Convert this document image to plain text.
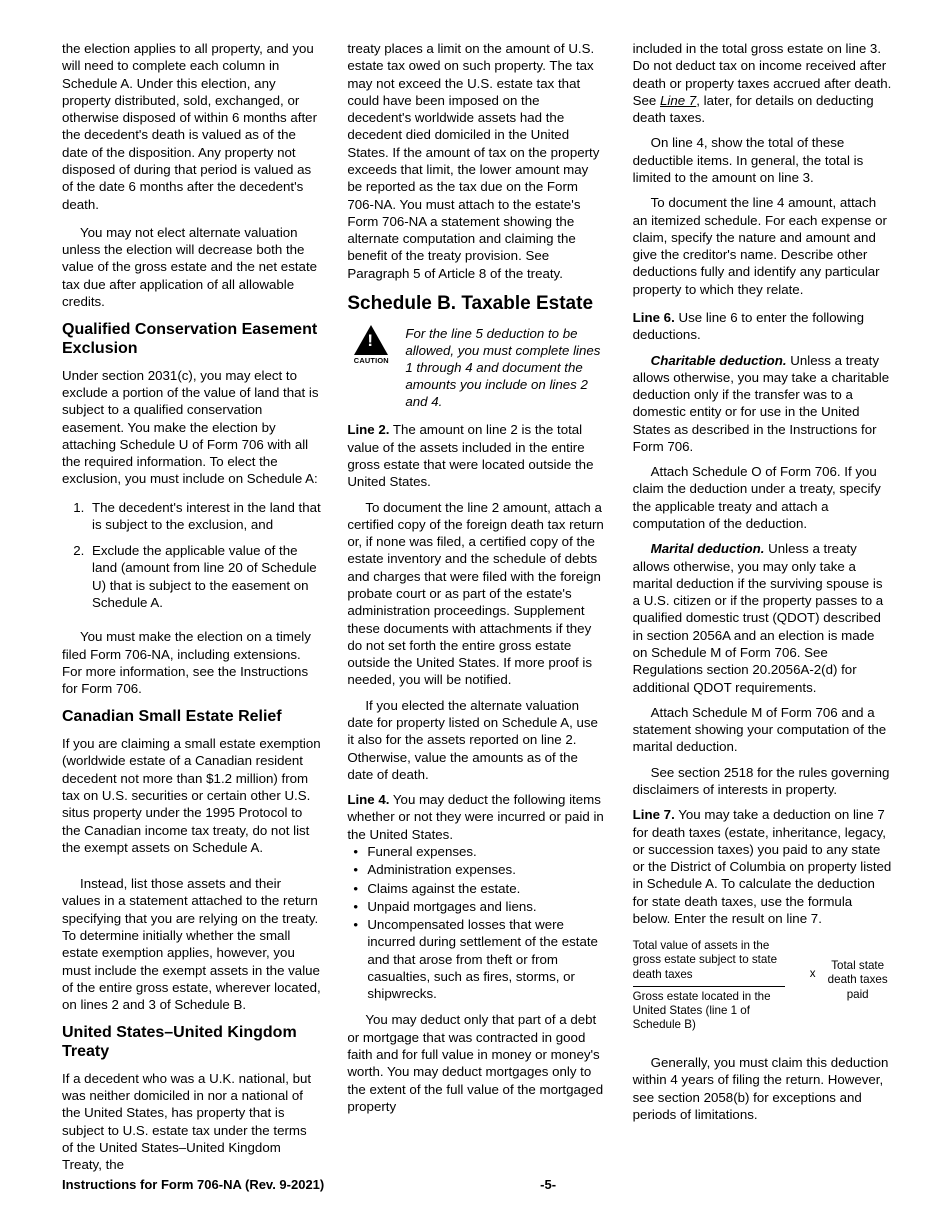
the election applies to all property, and you will need to complete each column in Schedule A. Under this election, any property distributed, sold, exchanged, or otherwise disposed of within 6 months after the decedent's death is valued as of the date of the disposition. Any property not disposed of during that period is valued as of the date 6 months after the decedent's death.

You may not elect alternate valuation unless the election will decrease both the value of the gross estate and the net estate tax due after application of all allowable credits.

Qualified Conservation Easement Exclusion

Under section 2031(c), you may elect to exclude a portion of the value of land that is subject to a qualified conservation easement. You make the election by attaching Schedule U of Form 706 with all the required information. To elect the exclusion, you must include on Schedule A:

1. The decedent's interest in the land that is subject to the exclusion, and
2. Exclude the applicable value of the land (amount from line 20 of Schedule U) that is subject to the easement on Schedule A.

You must make the election on a timely filed Form 706-NA, including extensions. For more information, see the Instructions for Form 706.

Canadian Small Estate Relief

If you are claiming a small estate exemption (worldwide estate of a Canadian resident decedent not more than $1.2 million) from tax on U.S. securities or certain other U.S. situs property under the 1995 Protocol to the Canadian income tax treaty, do not list the exempt assets on Schedule A.

Instead, list those assets and their values in a statement attached to the return specifying that you are relying on the treaty. To determine initially whether the small estate exemption applies, however, you must include the exempt assets in the value of the entire gross estate, wherever located, on lines 2 and 3 of Schedule B.

United States–United Kingdom Treaty

If a decedent who was a U.K. national, but was neither domiciled in nor a national of the United States, has property that is subject to U.S. estate tax under the terms of the United States–United Kingdom Treaty, the

treaty places a limit on the amount of U.S. estate tax owed on such property. The tax may not exceed the U.S. estate tax that could have been imposed on the decedent's worldwide assets had the decedent died domiciled in the United States. If the amount of tax on the property exceeds that limit, the lower amount may be reported as the tax due on the Form 706-NA. You must attach to the estate's Form 706-NA a statement showing the alternate computation and claiming the benefit of the treaty provision. See Paragraph 5 of Article 8 of the treaty.

Schedule B. Taxable Estate
!
CAUTION
For the line 5 deduction to be allowed, you must complete lines 1 through 4 and document the amounts you include on lines 2 and 4.

Line 2. The amount on line 2 is the total value of the assets included in the entire gross estate that were located outside the United States.

To document the line 2 amount, attach a certified copy of the foreign death tax return or, if none was filed, a certified copy of the estate inventory and the schedule of debts and charges that were filed with the foreign probate court or as part of the estate's administration proceedings. Supplement these documents with attachments if they do not set forth the entire gross estate outside the United States. If more proof is needed, you will be notified.

If you elected the alternate valuation date for property listed on Schedule A, use it also for the assets reported on line 2. Otherwise, value the amounts as of the date of death.

Line 4. You may deduct the following items whether or not they were incurred or paid in the United States.

• Funeral expenses.
• Administration expenses.
• Claims against the estate.
• Unpaid mortgages and liens.
• Uncompensated losses that were incurred during settlement of the estate and that arose from theft or from casualties, such as fires, storms, or shipwrecks.

You may deduct only that part of a debt or mortgage that was contracted in good faith and for full value in money or money's worth. You may deduct mortgages only to the extent of the full value of the mortgaged property

included in the total gross estate on line 3. Do not deduct tax on income received after death or property taxes accrued after death. See Line 7, later, for details on deducting death taxes.

On line 4, show the total of these deductible items. In general, the total is limited to the amount on line 3.

To document the line 4 amount, attach an itemized schedule. For each expense or claim, specify the nature and amount and give the creditor's name. Describe other deductions fully and identify any particular property to which they relate.

Line 6. Use line 6 to enter the following deductions.

Charitable deduction. Unless a treaty allows otherwise, you may take a charitable deduction only if the transfer was to a domestic entity or for use in the United States as described in the Instructions for Form 706.

Attach Schedule O of Form 706. If you claim the deduction under a treaty, specify the applicable treaty and attach a computation of the deduction.

Marital deduction. Unless a treaty allows otherwise, you may only take a marital deduction if the surviving spouse is a U.S. citizen or if the property passes to a qualified domestic trust (QDOT) described in section 2056A and an election is made on Schedule M of Form 706. See Regulations section 20.2056A-2(d) for additional QDOT requirements.

Attach Schedule M of Form 706 and a statement showing your computation of the marital deduction.

See section 2518 for the rules governing disclaimers of interests in property.

Line 7. You may take a deduction on line 7 for death taxes (estate, inheritance, legacy, or succession taxes) you paid to any state or the District of Columbia on property listed in Schedule A. To calculate the deduction for state death taxes, use the formula below. Enter the result on line 7.

Total value of assets in the gross estate subject to state death taxes
Gross estate located in the United States (line 1 of Schedule B)
x
Total state death taxes paid

Generally, you must claim this deduction within 4 years of filing the return. However, see section 2058(b) for exceptions and periods of limitations.

Instructions for Form 706-NA (Rev. 9-2021)	-5-
